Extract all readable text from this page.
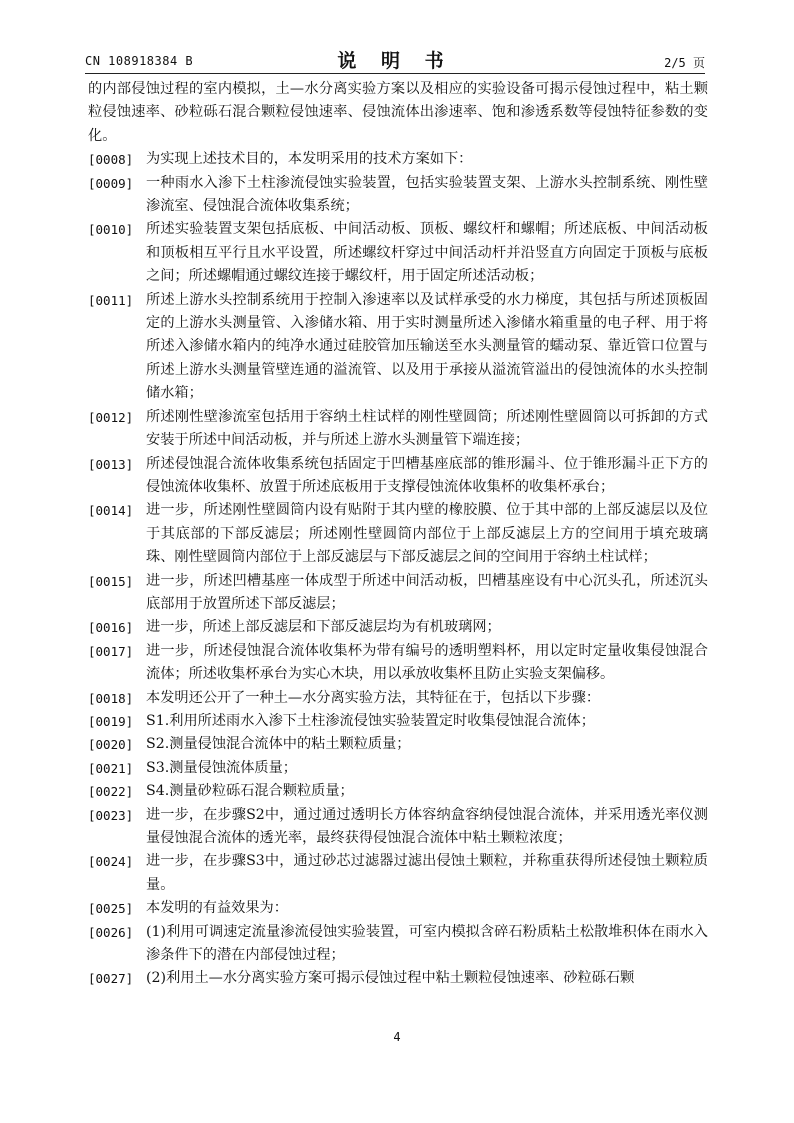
CN 108918384 B	说 明 书	2/5 页
的内部侵蚀过程的室内模拟，土—水分离实验方案以及相应的实验设备可揭示侵蚀过程中，粘土颗粒侵蚀速率、砂粒砾石混合颗粒侵蚀速率、侵蚀流体出渗速率、饱和渗透系数等侵蚀特征参数的变化。
[0008] 为实现上述技术目的，本发明采用的技术方案如下：
[0009] 一种雨水入渗下土柱渗流侵蚀实验装置，包括实验装置支架、上游水头控制系统、刚性壁渗流室、侵蚀混合流体收集系统；
[0010] 所述实验装置支架包括底板、中间活动板、顶板、螺纹杆和螺帽；所述底板、中间活动板和顶板相互平行且水平设置，所述螺纹杆穿过中间活动杆并沿竖直方向固定于顶板与底板之间；所述螺帽通过螺纹连接于螺纹杆，用于固定所述活动板；
[0011] 所述上游水头控制系统用于控制入渗速率以及试样承受的水力梯度，其包括与所述顶板固定的上游水头测量管、入渗储水箱、用于实时测量所述入渗储水箱重量的电子秤、用于将所述入渗储水箱内的纯净水通过硅胶管加压输送至水头测量管的蠕动泵、靠近管口位置与所述上游水头测量管壁连通的溢流管、以及用于承接从溢流管溢出的侵蚀流体的水头控制储水箱；
[0012] 所述刚性壁渗流室包括用于容纳土柱试样的刚性壁圆筒；所述刚性壁圆筒以可拆卸的方式安装于所述中间活动板，并与所述上游水头测量管下端连接；
[0013] 所述侵蚀混合流体收集系统包括固定于凹槽基座底部的锥形漏斗、位于锥形漏斗正下方的侵蚀流体收集杯、放置于所述底板用于支撑侵蚀流体收集杯的收集杯承台；
[0014] 进一步，所述刚性壁圆筒内设有贴附于其内壁的橡胶膜、位于其中部的上部反滤层以及位于其底部的下部反滤层；所述刚性壁圆筒内部位于上部反滤层上方的空间用于填充玻璃珠、刚性壁圆筒内部位于上部反滤层与下部反滤层之间的空间用于容纳土柱试样；
[0015] 进一步，所述凹槽基座一体成型于所述中间活动板，凹槽基座设有中心沉头孔，所述沉头底部用于放置所述下部反滤层；
[0016] 进一步，所述上部反滤层和下部反滤层均为有机玻璃网；
[0017] 进一步，所述侵蚀混合流体收集杯为带有编号的透明塑料杯，用以定时定量收集侵蚀混合流体；所述收集杯承台为实心木块，用以承放收集杯且防止实验支架偏移。
[0018] 本发明还公开了一种土—水分离实验方法，其特征在于，包括以下步骤：
[0019] S1.利用所述雨水入渗下土柱渗流侵蚀实验装置定时收集侵蚀混合流体；
[0020] S2.测量侵蚀混合流体中的粘土颗粒质量；
[0021] S3.测量侵蚀流体质量；
[0022] S4.测量砂粒砾石混合颗粒质量；
[0023] 进一步，在步骤S2中，通过通过透明长方体容纳盒容纳侵蚀混合流体，并采用透光率仪测量侵蚀混合流体的透光率，最终获得侵蚀混合流体中粘土颗粒浓度；
[0024] 进一步，在步骤S3中，通过砂芯过滤器过滤出侵蚀土颗粒，并称重获得所述侵蚀土颗粒质量。
[0025] 本发明的有益效果为：
[0026] (1)利用可调速定流量渗流侵蚀实验装置，可室内模拟含碎石粉质粘土松散堆积体在雨水入渗条件下的潜在内部侵蚀过程；
[0027] (2)利用土—水分离实验方案可揭示侵蚀过程中粘土颗粒侵蚀速率、砂粒砾石颗
4
